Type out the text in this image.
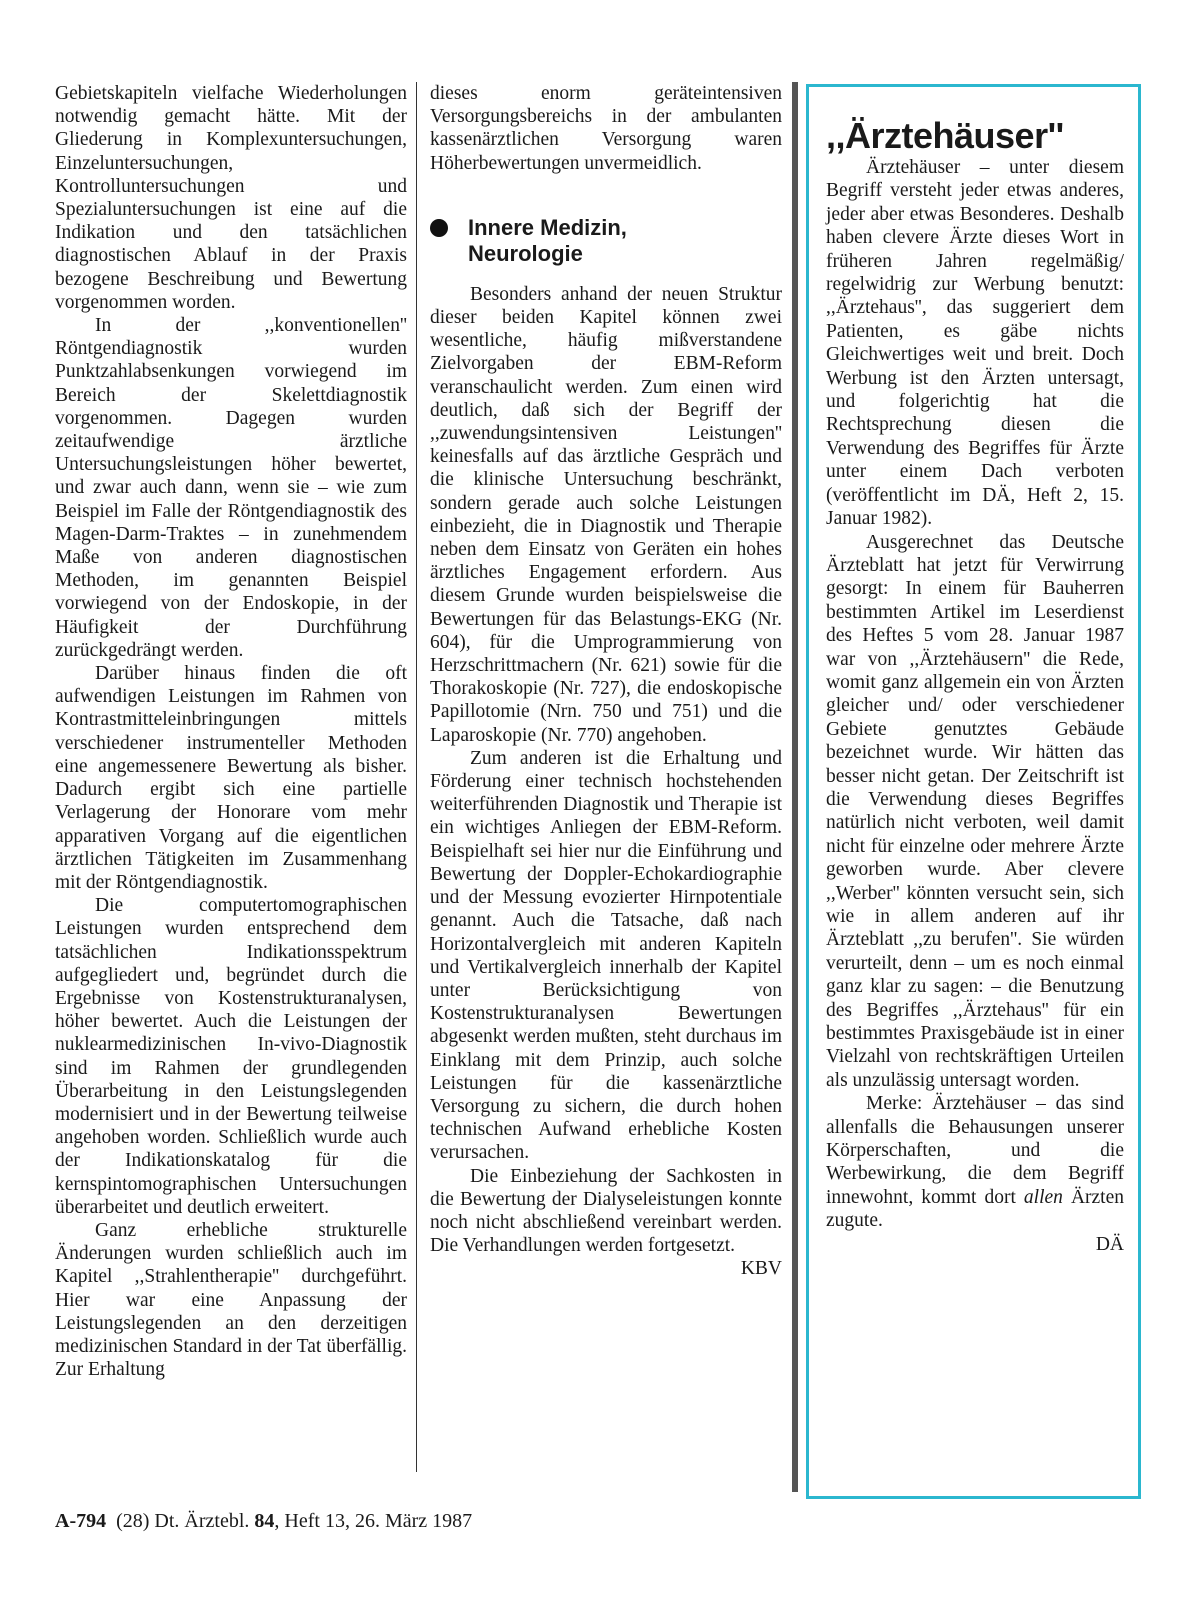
Gebietskapiteln vielfache Wiederholungen notwendig gemacht hätte. Mit der Gliederung in Komplexuntersuchungen, Einzeluntersuchungen, Kontrolluntersuchungen und Spezialuntersuchungen ist eine auf die Indikation und den tatsächlichen diagnostischen Ablauf in der Praxis bezogene Beschreibung und Bewertung vorgenommen worden.

In der ,,konventionellen'' Röntgendiagnostik wurden Punktzahlabsenkungen vorwiegend im Bereich der Skelettdiagnostik vorgenommen. Dagegen wurden zeitaufwendige ärztliche Untersuchungsleistungen höher bewertet, und zwar auch dann, wenn sie – wie zum Beispiel im Falle der Röntgendiagnostik des Magen-Darm-Traktes – in zunehmendem Maße von anderen diagnostischen Methoden, im genannten Beispiel vorwiegend von der Endoskopie, in der Häufigkeit der Durchführung zurückgedrängt werden.

Darüber hinaus finden die oft aufwendigen Leistungen im Rahmen von Kontrastmitteleinbringungen mittels verschiedener instrumenteller Methoden eine angemessenere Bewertung als bisher. Dadurch ergibt sich eine partielle Verlagerung der Honorare vom mehr apparativen Vorgang auf die eigentlichen ärztlichen Tätigkeiten im Zusammenhang mit der Röntgendiagnostik.

Die computertomographischen Leistungen wurden entsprechend dem tatsächlichen Indikationsspektrum aufgegliedert und, begründet durch die Ergebnisse von Kostenstrukturanalysen, höher bewertet. Auch die Leistungen der nuklearmedizinischen In-vivo-Diagnostik sind im Rahmen der grundlegenden Überarbeitung in den Leistungslegenden modernisiert und in der Bewertung teilweise angehoben worden. Schließlich wurde auch der Indikationskatalog für die kernspintomographischen Untersuchungen überarbeitet und deutlich erweitert.

Ganz erhebliche strukturelle Änderungen wurden schließlich auch im Kapitel ,,Strahlentherapie'' durchgeführt. Hier war eine Anpassung der Leistungslegenden an den derzeitigen medizinischen Standard in der Tat überfällig. Zur Erhaltung

dieses enorm geräteintensiven Versorgungsbereichs in der ambulanten kassenärztlichen Versorgung waren Höherbewertungen unvermeidlich.

Innere Medizin,
Neurologie

Besonders anhand der neuen Struktur dieser beiden Kapitel können zwei wesentliche, häufig mißverstandene Zielvorgaben der EBM-Reform veranschaulicht werden. Zum einen wird deutlich, daß sich der Begriff der ,,zuwendungsintensiven Leistungen'' keinesfalls auf das ärztliche Gespräch und die klinische Untersuchung beschränkt, sondern gerade auch solche Leistungen einbezieht, die in Diagnostik und Therapie neben dem Einsatz von Geräten ein hohes ärztliches Engagement erfordern. Aus diesem Grunde wurden beispielsweise die Bewertungen für das Belastungs-EKG (Nr. 604), für die Umprogrammierung von Herzschrittmachern (Nr. 621) sowie für die Thorakoskopie (Nr. 727), die endoskopische Papillotomie (Nrn. 750 und 751) und die Laparoskopie (Nr. 770) angehoben.

Zum anderen ist die Erhaltung und Förderung einer technisch hochstehenden weiterführenden Diagnostik und Therapie ist ein wichtiges Anliegen der EBM-Reform. Beispielhaft sei hier nur die Einführung und Bewertung der Doppler-Echokardiographie und der Messung evozierter Hirnpotentiale genannt. Auch die Tatsache, daß nach Horizontalvergleich mit anderen Kapiteln und Vertikalvergleich innerhalb der Kapitel unter Berücksichtigung von Kostenstrukturanalysen Bewertungen abgesenkt werden mußten, steht durchaus im Einklang mit dem Prinzip, auch solche Leistungen für die kassenärztliche Versorgung zu sichern, die durch hohen technischen Aufwand erhebliche Kosten verursachen.

Die Einbeziehung der Sachkosten in die Bewertung der Dialyseleistungen konnte noch nicht abschließend vereinbart werden. Die Verhandlungen werden fortgesetzt.

KBV

,,Ärztehäuser''

Ärztehäuser – unter diesem Begriff versteht jeder etwas anderes, jeder aber etwas Besonderes. Deshalb haben clevere Ärzte dieses Wort in früheren Jahren regelmäßig/ regelwidrig zur Werbung benutzt: ,,Ärztehaus'', das suggeriert dem Patienten, es gäbe nichts Gleichwertiges weit und breit. Doch Werbung ist den Ärzten untersagt, und folgerichtig hat die Rechtsprechung diesen die Verwendung des Begriffes für Ärzte unter einem Dach verboten (veröffentlicht im DÄ, Heft 2, 15. Januar 1982).

Ausgerechnet das Deutsche Ärzteblatt hat jetzt für Verwirrung gesorgt: In einem für Bauherren bestimmten Artikel im Leserdienst des Heftes 5 vom 28. Januar 1987 war von ,,Ärztehäusern'' die Rede, womit ganz allgemein ein von Ärzten gleicher und/ oder verschiedener Gebiete genutztes Gebäude bezeichnet wurde. Wir hätten das besser nicht getan. Der Zeitschrift ist die Verwendung dieses Begriffes natürlich nicht verboten, weil damit nicht für einzelne oder mehrere Ärzte geworben wurde. Aber clevere ,,Werber'' könnten versucht sein, sich wie in allem anderen auf ihr Ärzteblatt ,,zu berufen''. Sie würden verurteilt, denn – um es noch einmal ganz klar zu sagen: – die Benutzung des Begriffes ,,Ärztehaus'' für ein bestimmtes Praxisgebäude ist in einer Vielzahl von rechtskräftigen Urteilen als unzulässig untersagt worden.

Merke: Ärztehäuser – das sind allenfalls die Behausungen unserer Körperschaften, und die Werbewirkung, die dem Begriff innewohnt, kommt dort allen Ärzten zugute.

DÄ

A-794 (28) Dt. Ärztebl. 84, Heft 13, 26. März 1987
